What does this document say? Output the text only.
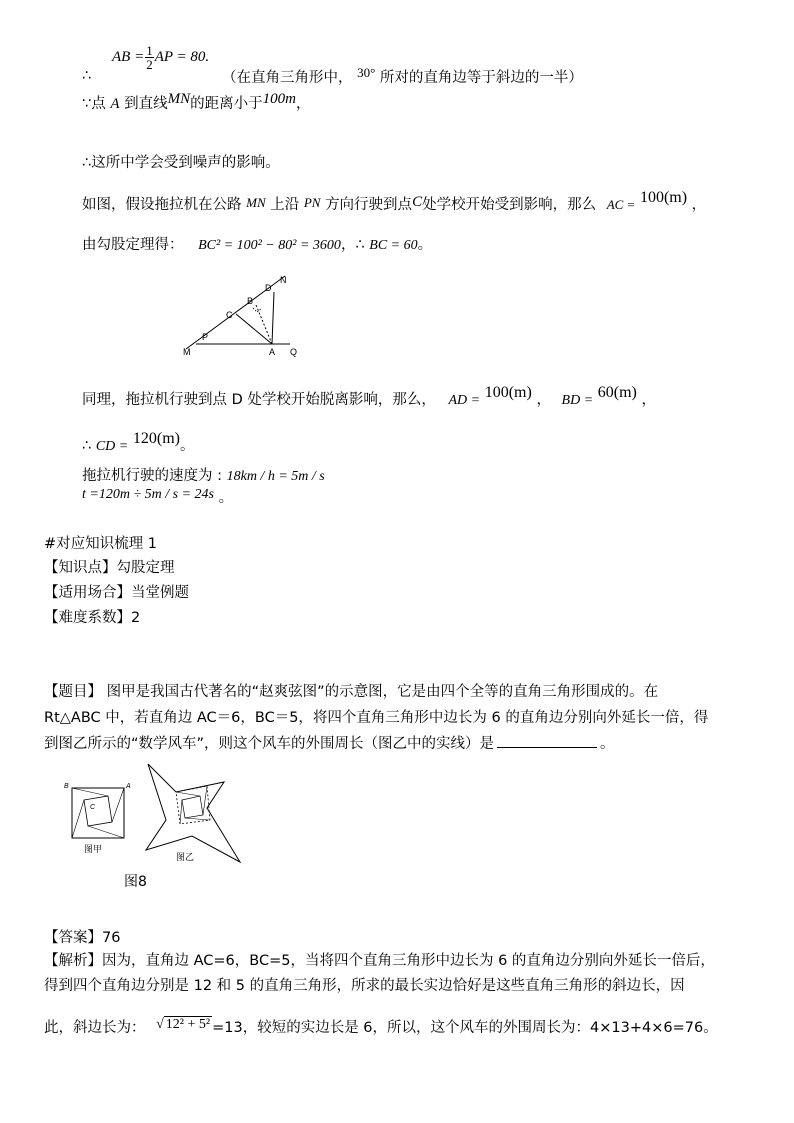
∴
AB = $\frac{1}{2}$ AP = 80.
（在直角三角形中， 30° 所对的直角边等于斜边的一半）
∵点 A 到直线MN的距离小于100m，
∴这所中学会受到噪声的影响。
如图，假设拖拉机在公路 MN 上沿 PN 方向行驶到点C处学校开始受到影响，那么 AC = 100(m) ，
由勾股定理得： BC² = 100² − 80² = 3600，∴ BC = 60。
N
D
B
C
P
M	A Q
同理，拖拉机行驶到点 D 处学校开始脱离影响，那么， AD = 100(m) ， BD = 60(m) ，
∴ CD = 120(m)。
拖拉机行驶的速度为 : 18km / h = 5m / s
t =120m ÷ 5m / s = 24s 。
#对应知识梳理 1
【知识点】勾股定理
【适用场合】当堂例题
【难度系数】2
【题目】 图甲是我国古代著名的“赵爽弦图”的示意图，它是由四个全等的直角三角形围成的。在
Rt△ABC 中，若直角边 AC＝6，BC＝5，将四个直角三角形中边长为 6 的直角边分别向外延长一倍，得
到图乙所示的“数学风车”，则这个风车的外围周长（图乙中的实线）是	。
B	A
C
图甲
图乙
图8
【答案】76
【解析】因为，直角边 AC=6，BC=5，当将四个直角三角形中边长为 6 的直角边分别向外延长一倍后，
得到四个直角边分别是 12 和 5 的直角三角形，所求的最长实边恰好是这些直角三角形的斜边长，因
此，斜边长为： √ 12² + 5² =13，较短的实边长是 6，所以，这个风车的外围周长为：4×13+4×6=76。
